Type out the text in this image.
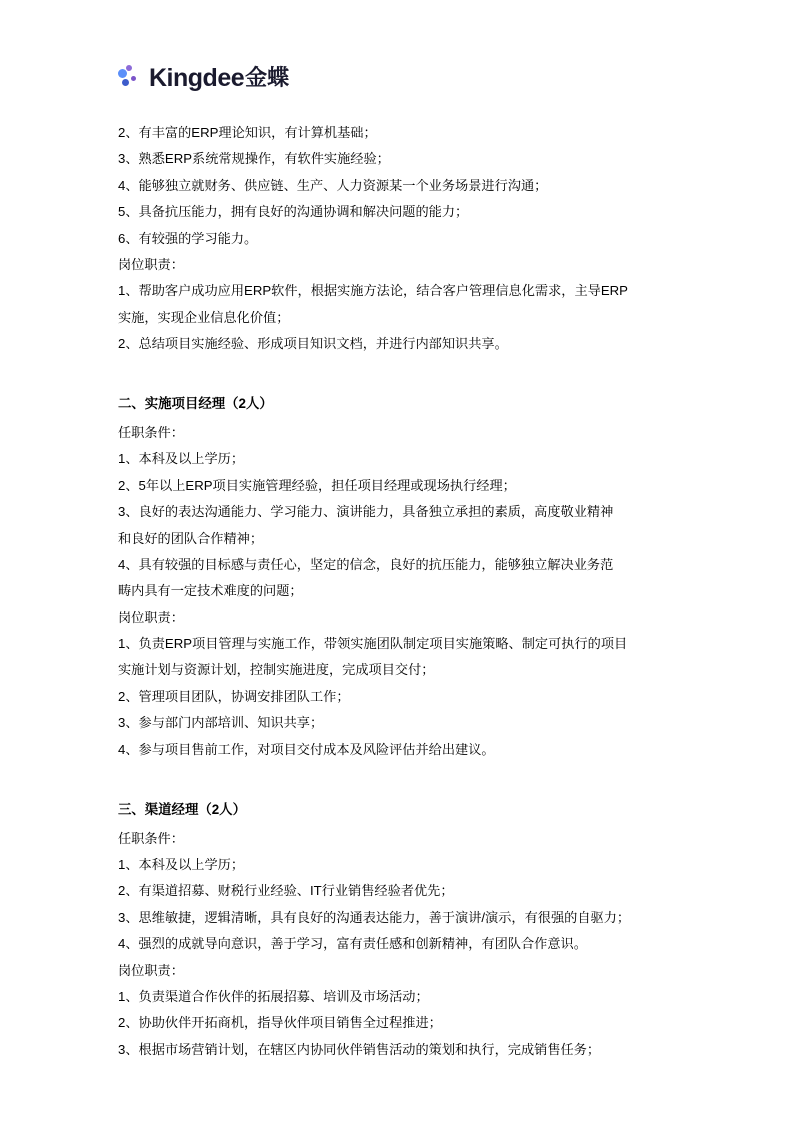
Kingdee 金蝶

2、有丰富的ERP理论知识，有计算机基础；

3、熟悉ERP系统常规操作，有软件实施经验；

4、能够独立就财务、供应链、生产、人力资源某一个业务场景进行沟通；

5、具备抗压能力，拥有良好的沟通协调和解决问题的能力；

6、有较强的学习能力。

岗位职责：

1、帮助客户成功应用ERP软件，根据实施方法论，结合客户管理信息化需求，主导ERP

实施，实现企业信息化价值；

2、总结项目实施经验、形成项目知识文档，并进行内部知识共享。

二、实施项目经理（2人）

任职条件：

1、本科及以上学历；

2、5年以上ERP项目实施管理经验，担任项目经理或现场执行经理；

3、良好的表达沟通能力、学习能力、演讲能力，具备独立承担的素质，高度敬业精神

和良好的团队合作精神；

4、具有较强的目标感与责任心，坚定的信念，良好的抗压能力，能够独立解决业务范

畴内具有一定技术难度的问题；

岗位职责：

1、负责ERP项目管理与实施工作，带领实施团队制定项目实施策略、制定可执行的项目

实施计划与资源计划，控制实施进度，完成项目交付；

2、管理项目团队，协调安排团队工作；

3、参与部门内部培训、知识共享；

4、参与项目售前工作，对项目交付成本及风险评估并给出建议。

三、渠道经理（2人）

任职条件：

1、本科及以上学历；

2、有渠道招募、财税行业经验、IT行业销售经验者优先；

3、思维敏捷，逻辑清晰，具有良好的沟通表达能力，善于演讲/演示，有很强的自驱力；

4、强烈的成就导向意识，善于学习，富有责任感和创新精神，有团队合作意识。

岗位职责：

1、负责渠道合作伙伴的拓展招募、培训及市场活动；

2、协助伙伴开拓商机，指导伙伴项目销售全过程推进；

3、根据市场营销计划，在辖区内协同伙伴销售活动的策划和执行，完成销售任务；
